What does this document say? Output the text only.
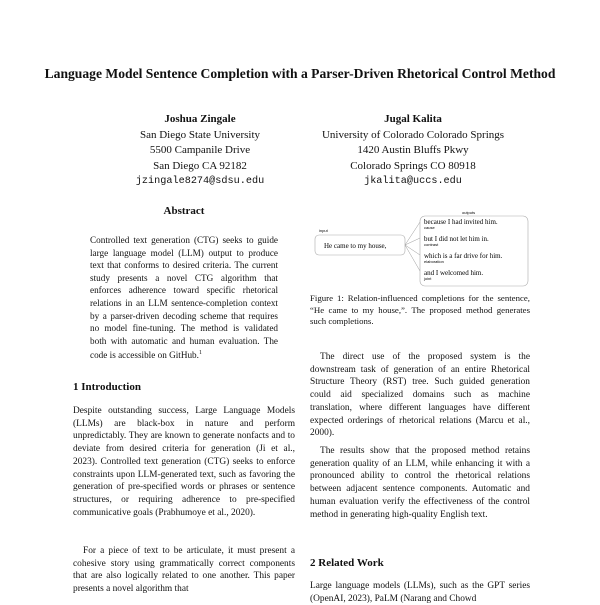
Language Model Sentence Completion with a Parser-Driven Rhetorical Control Method
Joshua Zingale
San Diego State University
5500 Campanile Drive
San Diego CA 92182
jzingale8274@sdsu.edu
Jugal Kalita
University of Colorado Colorado Springs
1420 Austin Bluffs Pkwy
Colorado Springs CO 80918
jkalita@uccs.edu
Abstract
Controlled text generation (CTG) seeks to guide large language model (LLM) output to produce text that conforms to desired criteria. The current study presents a novel CTG algorithm that enforces adherence toward specific rhetorical relations in an LLM sentence-completion context by a parser-driven decoding scheme that requires no model fine-tuning. The method is validated both with automatic and human evaluation. The code is accessible on GitHub.$^1$
1 Introduction
Despite outstanding success, Large Language Models (LLMs) are black-box in nature and perform unpredictably. They are known to generate nonfacts and to deviate from desired criteria for generation (Ji et al., 2023). Controlled text generation (CTG) seeks to enforce constraints upon LLM-generated text, such as favoring the generation of pre-specified words or phrases or sentence structures, or requiring adherence to pre-specified communicative goals (Prabhumoye et al., 2020).
For a piece of text to be articulate, it must present a cohesive story using grammatically correct components that are also logically related to one another. This paper presents a novel algorithm that
input
He came to my house,
outputs
because I had invited him.
cause
but I did not let him in.
contrast
which is a far drive for him.
elaboration
and I welcomed him.
joint
Figure 1: Relation-influenced completions for the sentence, “He came to my house,”. The proposed method generates such completions.
The direct use of the proposed system is the downstream task of generation of an entire Rhetorical Structure Theory (RST) tree. Such guided generation could aid specialized domains such as machine translation, where different languages have different expected orderings of rhetorical relations (Marcu et al., 2000).
The results show that the proposed method retains generation quality of an LLM, while enhancing it with a pronounced ability to control the rhetorical relations between adjacent sentence components. Automatic and human evaluation verify the effectiveness of the control method in generating high-quality English text.
2 Related Work
Large language models (LLMs), such as the GPT series (OpenAI, 2023), PaLM (Narang and Chowd
